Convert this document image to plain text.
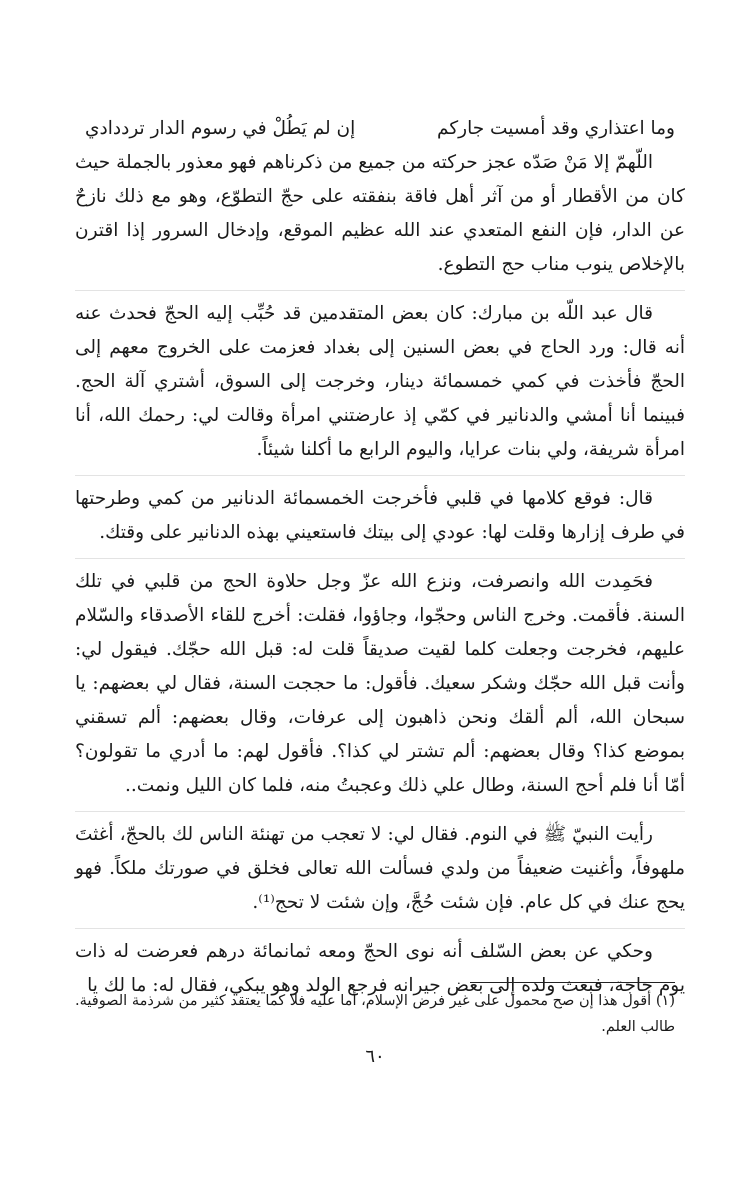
وما اعتذاري وقد أمسيت جاركم
إن لم يَطُلْ في رسوم الدار ترددادي

اللّهمّ إلا مَنْ صَدّه عجز حركته من جميع من ذكرناهم فهو معذور بالجملة حيث كان من الأقطار أو من آثر أهل فاقة بنفقته على حجّ التطوّع، وهو مع ذلك نازحٌ عن الدار، فإن النفع المتعدي عند الله عظيم الموقع، وإدخال السرور إذا اقترن بالإخلاص ينوب مناب حج التطوع.

قال عبد اللّه بن مبارك: كان بعض المتقدمين قد حُبِّب إليه الحجّ فحدث عنه أنه قال: ورد الحاج في بعض السنين إلى بغداد فعزمت على الخروج معهم إلى الحجّ فأخذت في كمي خمسمائة دينار، وخرجت إلى السوق، أشتري آلة الحج. فبينما أنا أمشي والدنانير في كمّي إذ عارضتني امرأة وقالت لي: رحمك الله، أنا امرأة شريفة، ولي بنات عرايا، واليوم الرابع ما أكلنا شيئاً.

قال: فوقع كلامها في قلبي فأخرجت الخمسمائة الدنانير من كمي وطرحتها في طرف إزارها وقلت لها: عودي إلى بيتك فاستعيني بهذه الدنانير على وقتك.

فحَمِدت الله وانصرفت، ونزع الله عزّ وجل حلاوة الحج من قلبي في تلك السنة. فأقمت. وخرج الناس وحجّوا، وجاؤوا، فقلت: أخرج للقاء الأصدقاء والسّلام عليهم، فخرجت وجعلت كلما لقيت صديقاً قلت له: قبل الله حجّك. فيقول لي: وأنت قبل الله حجّك وشكر سعيك. فأقول: ما حججت السنة، فقال لي بعضهم: يا سبحان الله، ألم ألقك ونحن ذاهبون إلى عرفات، وقال بعضهم: ألم تسقني بموضع كذا؟ وقال بعضهم: ألم تشتر لي كذا؟. فأقول لهم: ما أدري ما تقولون؟ أمّا أنا فلم أحج السنة، وطال علي ذلك وعجبتُ منه، فلما كان الليل ونمت..

رأيت النبيّ ﷺ في النوم. فقال لي: لا تعجب من تهنئة الناس لك بالحجّ، أغثتَ ملهوفاً، وأغنيت ضعيفاً من ولدي فسألت الله تعالى فخلق في صورتك ملكاً. فهو يحج عنك في كل عام. فإن شئت حُجَّ، وإن شئت لا تحج⁽¹⁾.

وحكي عن بعض السّلف أنه نوى الحجّ ومعه ثمانمائة درهم فعرضت له ذات يوم حاجة، فبعث ولده إلى بعض جيرانه فرجع الولد وهو يبكي، فقال له: ما لك يا

(١) أقول هذا إن صح محمول على غير فرض الإسلام، أما عليه فلا كما يعتقد كثير من شرذمة الصوفية. طالب العلم.
٦٠
